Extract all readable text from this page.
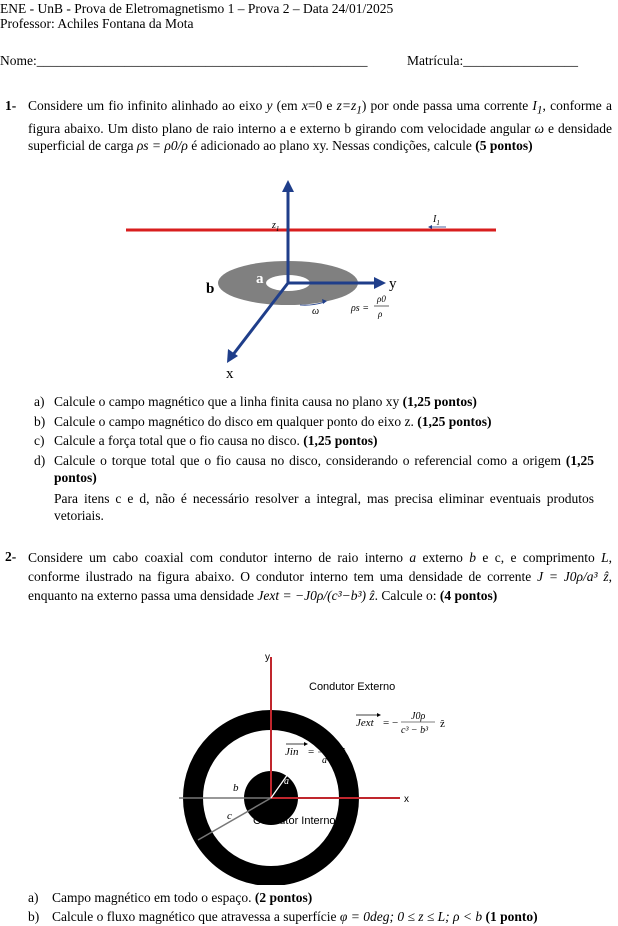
ENE - UnB - Prova de Eletromagnetismo 1 – Prova 2 – Data 24/01/2025
Professor: Achiles Fontana da Mota
Nome:_________________________________________________	Matrícula:_________________
1- Considere um fio infinito alinhado ao eixo y (em x=0 e $z=z_1$) por onde passa uma corrente $I_1$, conforme a figura abaixo. Um disto plano de raio interno a e externo b girando com velocidade angular ω e densidade superficial de carga ρs = ρ0/ρ é adicionado ao plano xy. Nessas condições, calcule (5 pontos)
$z_1$
$I_1$
a
b	y
x
ω	ρs =
ρ0
ρ
a) Calcule o campo magnético que a linha finita causa no plano xy (1,25 pontos)
b) Calcule o campo magnético do disco em qualquer ponto do eixo z. (1,25 pontos)
c) Calcule a força total que o fio causa no disco. (1,25 pontos)
d) Calcule o torque total que o fio causa no disco, considerando o referencial como a origem (1,25 pontos)
Para itens c e d, não é necessário resolver a integral, mas precisa eliminar eventuais produtos vetoriais.
2- Considere um cabo coaxial com condutor interno de raio interno a externo b e c, e comprimento L, conforme ilustrado na figura abaixo. O condutor interno tem uma densidade de corrente J = J0ρ/a³ ẑ, enquanto na externo passa uma densidade Jext = −J0ρ/(c³−b³) ẑ. Calcule o: (4 pontos)
y
x
Condutor Externo
Condutor Interno
a
b
c
Jext = −
J0ρ
c³ − b³
Jin = J0ρ
a³
ẑ
ẑ
a) Campo magnético em todo o espaço. (2 pontos)
b) Calcule o fluxo magnético que atravessa a superfície φ = 0deg; 0 ≤ z ≤ L; ρ < b (1 ponto)
